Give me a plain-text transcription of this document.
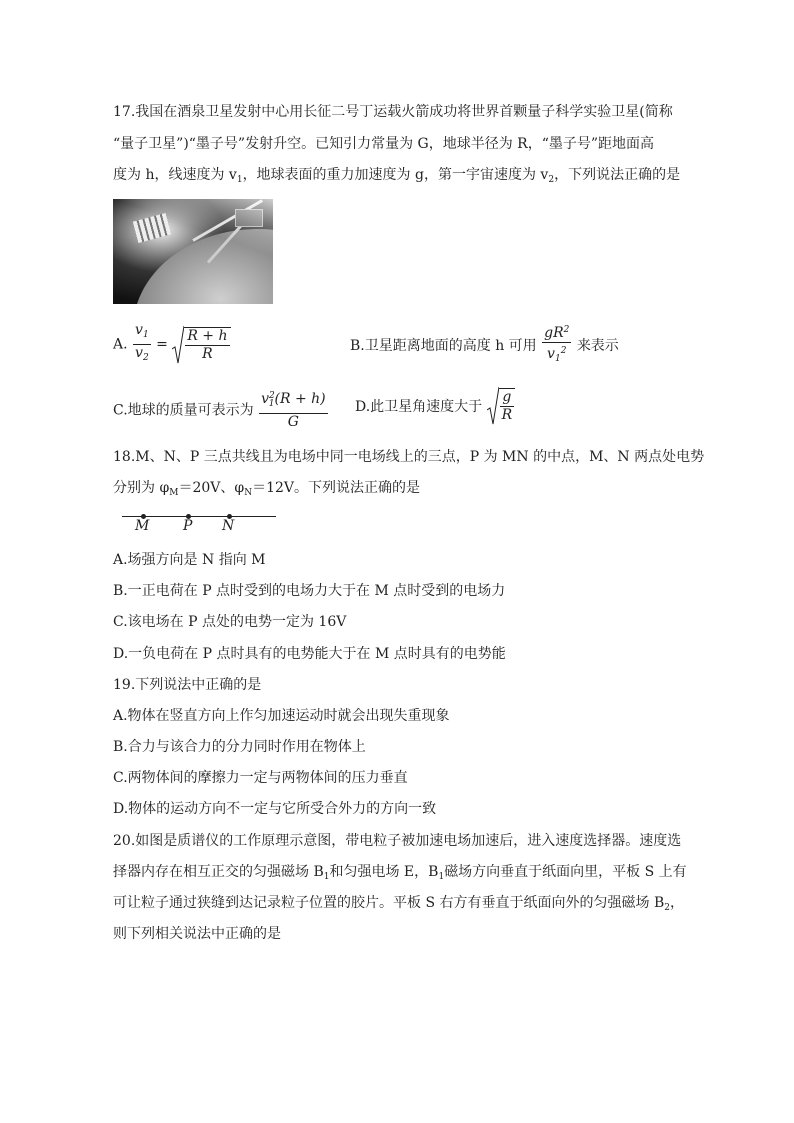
17.我国在酒泉卫星发射中心用长征二号丁运载火箭成功将世界首颗量子科学实验卫星(简称
“量子卫星”)“墨子号”发射升空。已知引力常量为 G，地球半径为 R，“墨子号”距地面高
度为 h，线速度为 $v_1$，地球表面的重力加速度为 g，第一宇宙速度为 $v_2$，下列说法正确的是
A. $\frac{v_1}{v_2} = \frac{R + h}{R}$	B.卫星距离地面的高度 h 可用 $\frac{gR^2}{v_1^2}$ 来表示
C.地球的质量可表示为 $\frac{v^2_1(R + h)}{G} D$.此卫星角速度大于 $\frac{g}{R}$
18.M、N、P 三点共线且为电场中同一电场线上的三点，P 为 MN 的中点，M、N 两点处电势
分别为 $\varphi_M=20V$、$\varphi_N=12V$。下列说法正确的是
M P N
A.场强方向是 N 指向 M
B.一正电荷在 P 点时受到的电场力大于在 M 点时受到的电场力
C.该电场在 P 点处的电势一定为 16V
D.一负电荷在 P 点时具有的电势能大于在 M 点时具有的电势能
19.下列说法中正确的是
A.物体在竖直方向上作匀加速运动时就会出现失重现象
B.合力与该合力的分力同时作用在物体上
C.两物体间的摩擦力一定与两物体间的压力垂直
D.物体的运动方向不一定与它所受合外力的方向一致
20.如图是质谱仪的工作原理示意图，带电粒子被加速电场加速后，进入速度选择器。速度选
择器内存在相互正交的匀强磁场 $B_1$和匀强电场 E，$B_1$磁场方向垂直于纸面向里，平板 S 上有
可让粒子通过狭缝到达记录粒子位置的胶片。平板 S 右方有垂直于纸面向外的匀强磁场 $B_2$，
则下列相关说法中正确的是
